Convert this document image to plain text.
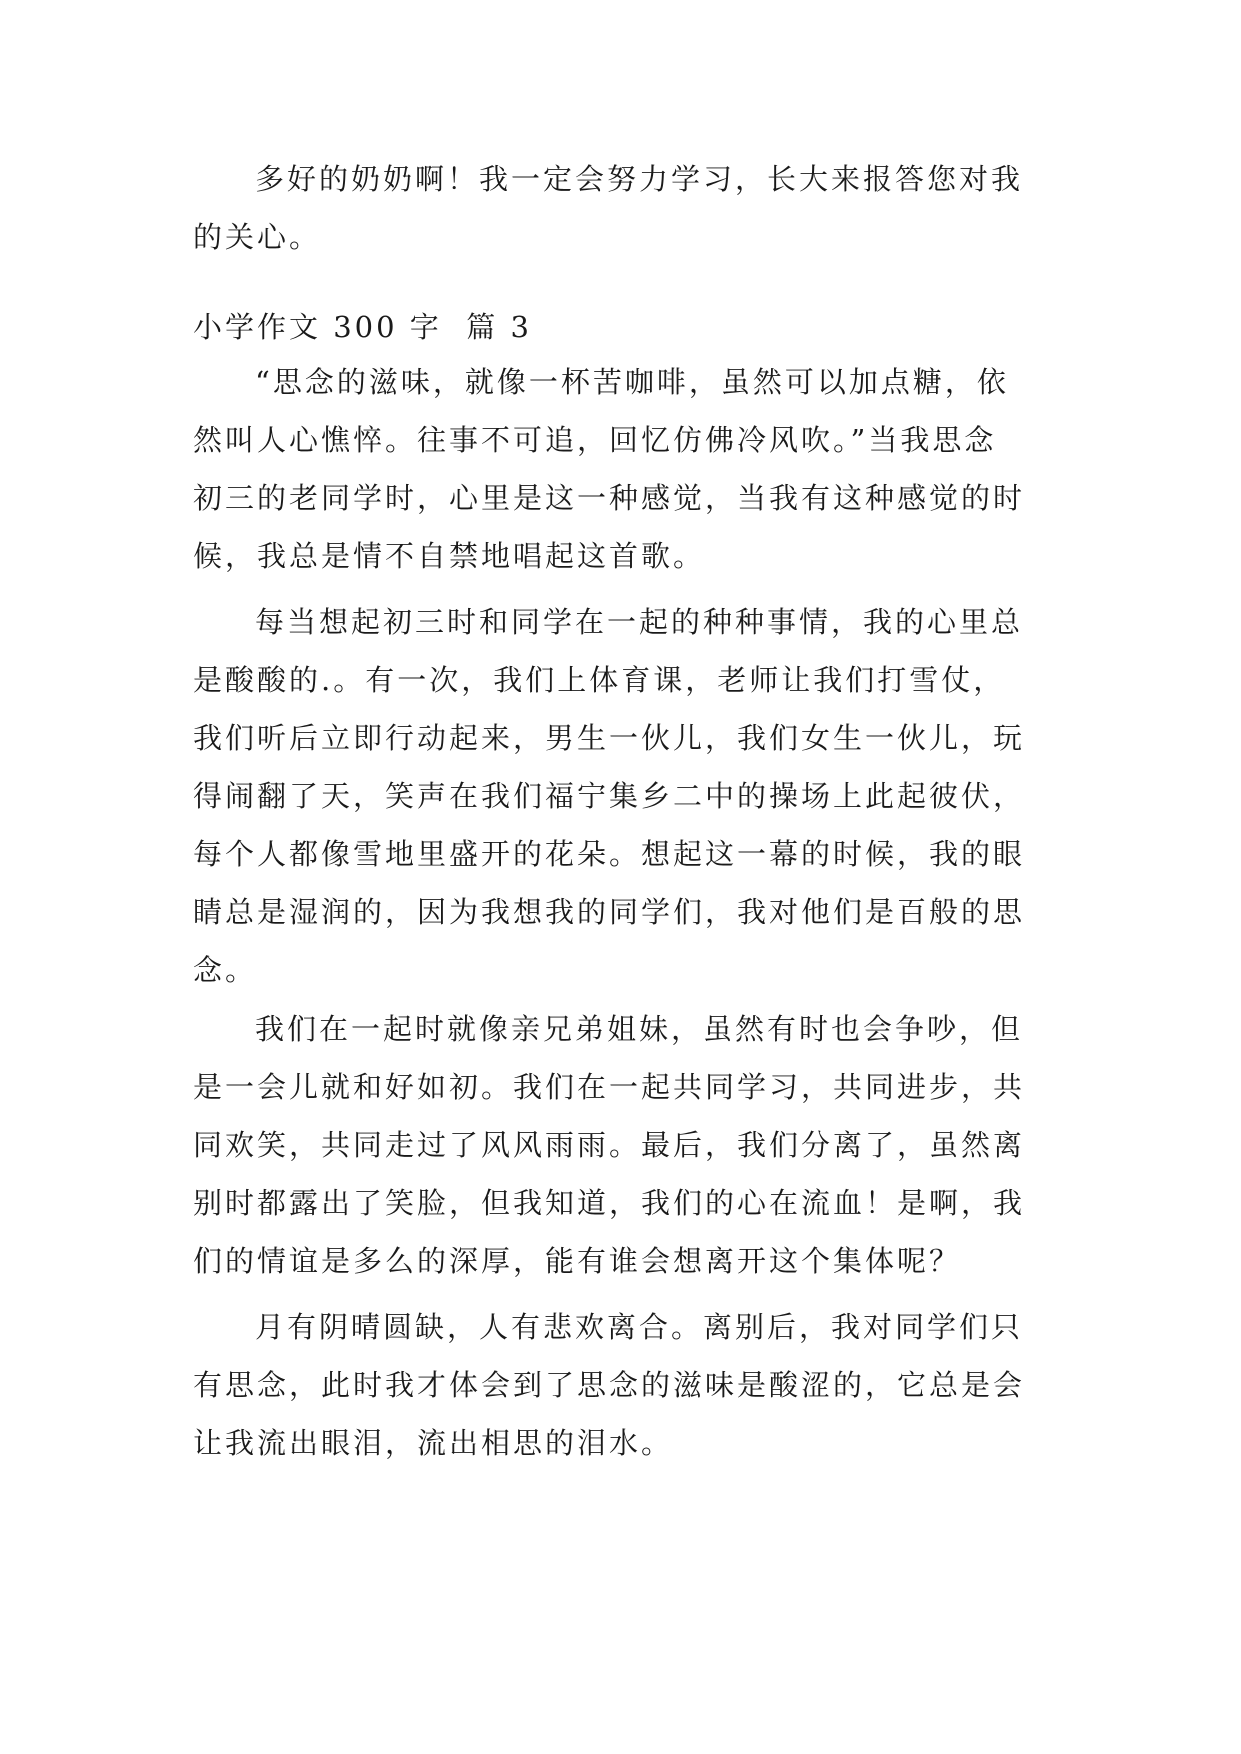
多好的奶奶啊！我一定会努力学习，长大来报答您对我
的关心。
小学作文 300 字  篇 3
“思念的滋味，就像一杯苦咖啡，虽然可以加点糖，依
然叫人心憔悴。往事不可追，回忆仿佛冷风吹。”当我思念
初三的老同学时，心里是这一种感觉，当我有这种感觉的时
候，我总是情不自禁地唱起这首歌。
每当想起初三时和同学在一起的种种事情，我的心里总
是酸酸的.。有一次，我们上体育课，老师让我们打雪仗，
我们听后立即行动起来，男生一伙儿，我们女生一伙儿，玩
得闹翻了天，笑声在我们福宁集乡二中的操场上此起彼伏，
每个人都像雪地里盛开的花朵。想起这一幕的时候，我的眼
睛总是湿润的，因为我想我的同学们，我对他们是百般的思
念。
我们在一起时就像亲兄弟姐妹，虽然有时也会争吵，但
是一会儿就和好如初。我们在一起共同学习，共同进步，共
同欢笑，共同走过了风风雨雨。最后，我们分离了，虽然离
别时都露出了笑脸，但我知道，我们的心在流血！是啊，我
们的情谊是多么的深厚，能有谁会想离开这个集体呢？
月有阴晴圆缺，人有悲欢离合。离别后，我对同学们只
有思念，此时我才体会到了思念的滋味是酸涩的，它总是会
让我流出眼泪，流出相思的泪水。
